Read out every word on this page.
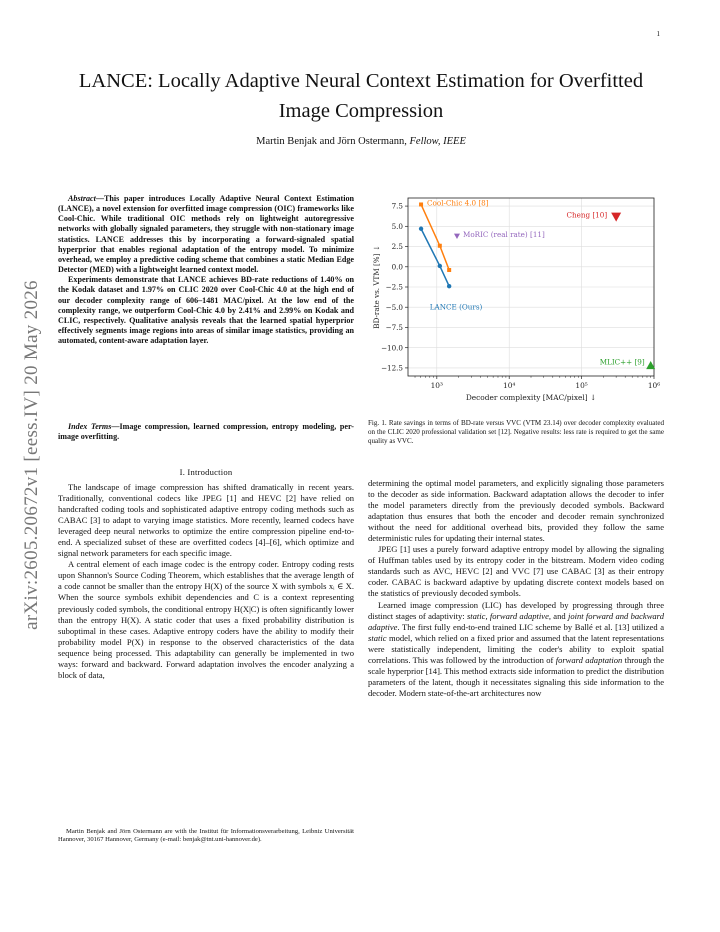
1
arXiv:2605.20672v1 [eess.IV] 20 May 2026
LANCE: Locally Adaptive Neural Context Estimation for Overfitted Image Compression
Martin Benjak and Jörn Ostermann, Fellow, IEEE

Abstract—This paper introduces Locally Adaptive Neural Context Estimation (LANCE), a novel extension for overfitted image compression (OIC) frameworks like Cool-Chic. While traditional OIC methods rely on lightweight autoregressive networks with globally signaled parameters, they struggle with non-stationary image statistics. LANCE addresses this by incorporating a forward-signaled spatial hyperprior that enables regional adaptation of the entropy model. To minimize overhead, we employ a predictive coding scheme that combines a static Median Edge Detector (MED) with a lightweight learned context model.

Experiments demonstrate that LANCE achieves BD-rate reductions of 1.40% on the Kodak dataset and 1.97% on CLIC 2020 over Cool-Chic 4.0 at the high end of our decoder complexity range of 606–1481 MAC/pixel. At the low end of the complexity range, we outperform Cool-Chic 4.0 by 2.41% and 2.99% on Kodak and CLIC, respectively. Qualitative analysis reveals that the learned spatial hyperprior effectively segments image regions into areas of similar image statistics, providing an automated, content-aware adaptation layer.

Index Terms—Image compression, learned compression, entropy modeling, per-image overfitting.

I. Introduction

The landscape of image compression has shifted dramatically in recent years. Traditionally, conventional codecs like JPEG [1] and HEVC [2] have relied on handcrafted coding tools and sophisticated adaptive entropy coding methods such as CABAC [3] to adapt to varying image statistics. More recently, learned codecs have leveraged deep neural networks to optimize the entire compression pipeline end-to-end. A specialized subset of these are overfitted codecs [4]–[6], which optimize and signal network parameters for each specific image.

A central element of each image codec is the entropy coder. Entropy coding rests upon Shannon's Source Coding Theorem, which establishes that the average length of a code cannot be smaller than the entropy H(X) of the source X with symbols xᵢ ∈ X. When the source symbols exhibit dependencies and C is a context representing previously coded symbols, the conditional entropy H(X|C) is often significantly lower than the entropy H(X). A static coder that uses a fixed probability distribution is suboptimal in these cases. Adaptive entropy coders have the ability to modify their probability model P(X) in response to the observed characteristics of the data sequence being processed. This adaptability can generally be implemented in two ways: forward and backward. Forward adaptation involves the encoder analyzing a block of data,

Martin Benjak and Jörn Ostermann are with the Institut für Informationsverarbeitung, Leibniz Universität Hannover, 30167 Hannover, Germany (e-mail: benjak@tnt.uni-hannover.de).

7.5
5.0
2.5
0.0
−2.5
−5.0
−7.5
−10.0
−12.5
10³	10⁴	10⁵	10⁶
Decoder complexity [MAC/pixel] ↓
BD-rate vs. VTM [%] ↓
Cool-Chic 4.0 [8]
LANCE (Ours)
MoRIC (real rate) [11]
Cheng [10]
MLIC++ [9]
Fig. 1. Rate savings in terms of BD-rate versus VVC (VTM 23.14) over decoder complexity evaluated on the CLIC 2020 professional validation set [12]. Negative results: less rate is required to get the same quality as VVC.

determining the optimal model parameters, and explicitly signaling those parameters to the decoder as side information. Backward adaptation allows the decoder to infer the model parameters directly from the previously decoded symbols. Backward adaptation thus ensures that both the encoder and decoder remain synchronized without the need for additional overhead bits, provided they follow the same deterministic rules for updating their internal states.

JPEG [1] uses a purely forward adaptive entropy model by allowing the signaling of Huffman tables used by its entropy coder in the bitstream. Modern video coding standards such as AVC, HEVC [2] and VVC [7] use CABAC [3] as their entropy coder. CABAC is backward adaptive by updating discrete context models based on the statistics of previously decoded symbols.

Learned image compression (LIC) has developed by progressing through three distinct stages of adaptivity: static, forward adaptive, and joint forward and backward adaptive. The first fully end-to-end trained LIC scheme by Ballé et al. [13] utilized a static model, which relied on a fixed prior and assumed that the latent representations were statistically independent, limiting the coder's ability to exploit spatial correlations. This was followed by the introduction of forward adaptation through the scale hyperprior [14]. This method extracts side information to predict the distribution parameters of the latent, though it necessitates signaling this side information to the decoder. Modern state-of-the-art architectures now
